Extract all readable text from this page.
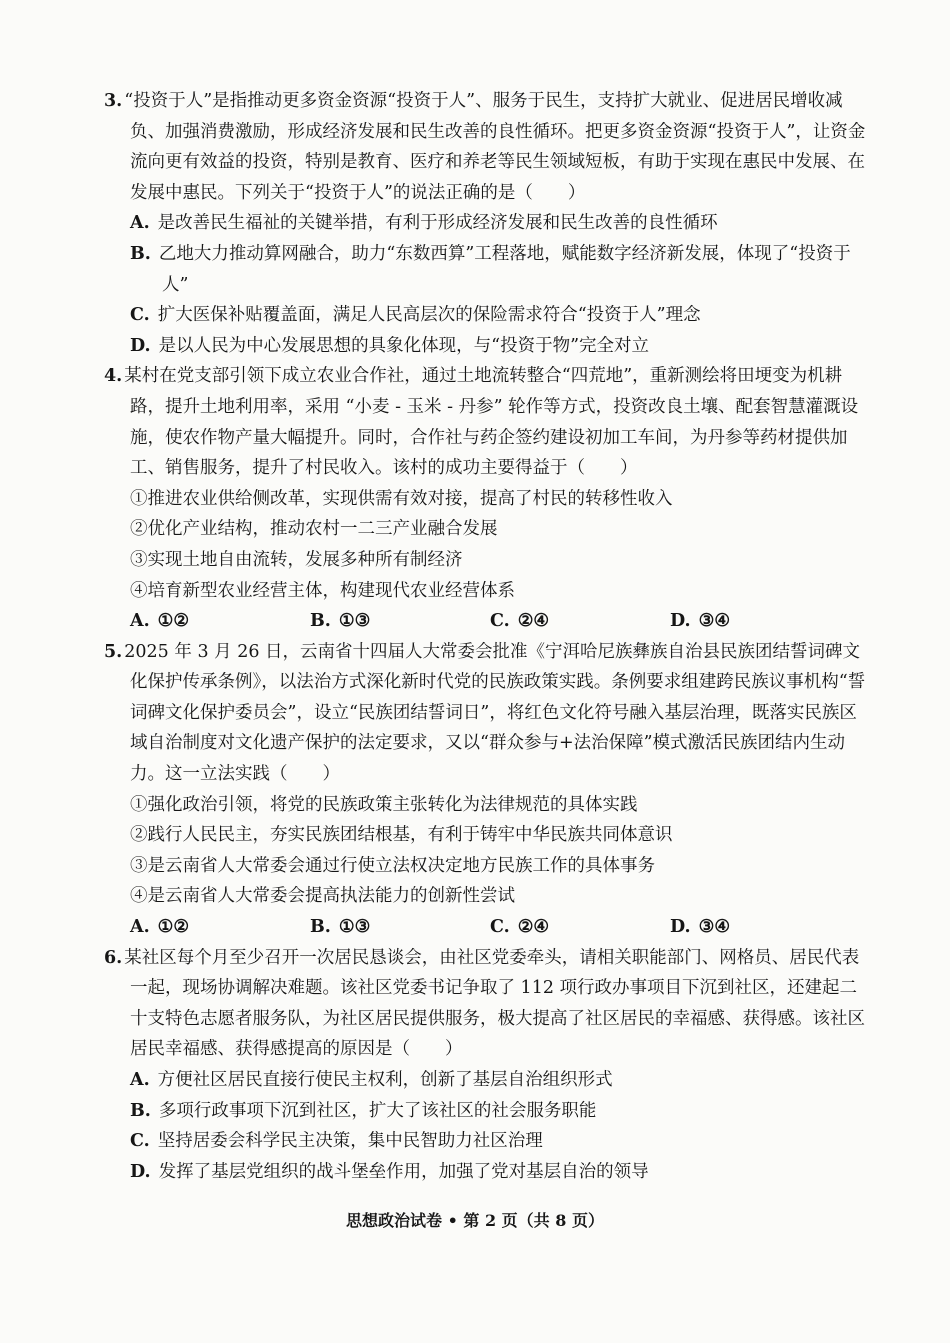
3. “投资于人”是指推动更多资金资源“投资于人”、服务于民生，支持扩大就业、促进居民增收减负、加强消费激励，形成经济发展和民生改善的良性循环。把更多资金资源“投资于人”，让资金流向更有效益的投资，特别是教育、医疗和养老等民生领域短板，有助于实现在惠民中发展、在发展中惠民。下列关于“投资于人”的说法正确的是（　　）
A. 是改善民生福祉的关键举措，有利于形成经济发展和民生改善的良性循环
B. 乙地大力推动算网融合，助力“东数西算”工程落地，赋能数字经济新发展，体现了“投资于人”
C. 扩大医保补贴覆盖面，满足人民高层次的保险需求符合“投资于人”理念
D. 是以人民为中心发展思想的具象化体现，与“投资于物”完全对立
4. 某村在党支部引领下成立农业合作社，通过土地流转整合“四荒地”，重新测绘将田埂变为机耕路，提升土地利用率，采用 “小麦 - 玉米 - 丹参” 轮作等方式，投资改良土壤、配套智慧灌溉设施，使农作物产量大幅提升。同时，合作社与药企签约建设初加工车间，为丹参等药材提供加工、销售服务，提升了村民收入。该村的成功主要得益于（　　）
①推进农业供给侧改革，实现供需有效对接，提高了村民的转移性收入
②优化产业结构，推动农村一二三产业融合发展
③实现土地自由流转，发展多种所有制经济
④培育新型农业经营主体，构建现代农业经营体系
A. ①②	B. ①③	C. ②④	D. ③④
5. 2025 年 3 月 26 日，云南省十四届人大常委会批准《宁洱哈尼族彝族自治县民族团结誓词碑文化保护传承条例》，以法治方式深化新时代党的民族政策实践。条例要求组建跨民族议事机构“誓词碑文化保护委员会”，设立“民族团结誓词日”，将红色文化符号融入基层治理，既落实民族区域自治制度对文化遗产保护的法定要求，又以“群众参与+法治保障”模式激活民族团结内生动力。这一立法实践（　　）
①强化政治引领，将党的民族政策主张转化为法律规范的具体实践
②践行人民民主，夯实民族团结根基，有利于铸牢中华民族共同体意识
③是云南省人大常委会通过行使立法权决定地方民族工作的具体事务
④是云南省人大常委会提高执法能力的创新性尝试
A. ①②	B. ①③	C. ②④	D. ③④
6. 某社区每个月至少召开一次居民恳谈会，由社区党委牵头，请相关职能部门、网格员、居民代表一起，现场协调解决难题。该社区党委书记争取了 112 项行政办事项目下沉到社区，还建起二十支特色志愿者服务队，为社区居民提供服务，极大提高了社区居民的幸福感、获得感。该社区居民幸福感、获得感提高的原因是（　　）
A. 方便社区居民直接行使民主权利，创新了基层自治组织形式
B. 多项行政事项下沉到社区，扩大了该社区的社会服务职能
C. 坚持居委会科学民主决策，集中民智助力社区治理
D. 发挥了基层党组织的战斗堡垒作用，加强了党对基层自治的领导
思想政治试卷 • 第 2 页（共 8 页）
